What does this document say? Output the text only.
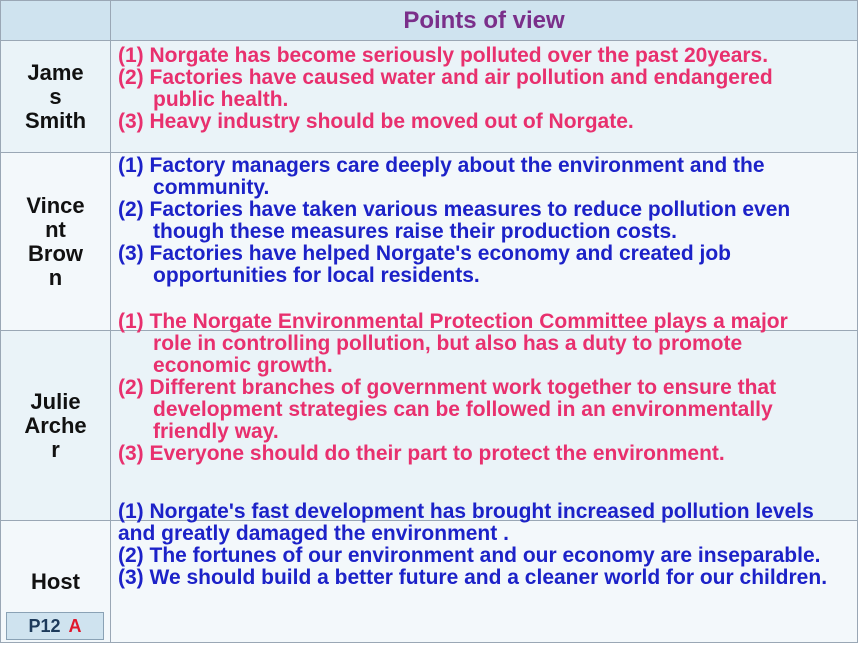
Points of view
Jame
s
Smith
(1) Norgate has become seriously polluted over the past 20years.
(2) Factories have caused water and air pollution and endangered
public health.
(3) Heavy industry should be moved out of Norgate.
Vince
nt
Brow
n
(1) Factory managers care deeply about the environment and the
community.
(2) Factories have taken various measures to reduce pollution even
though these measures raise their production costs.
(3) Factories have helped Norgate's economy and created job
opportunities for local residents.
Julie
Arche
r
(1) The Norgate Environmental Protection Committee plays a major
role in controlling pollution, but also has a duty to promote
economic growth.
(2) Different branches of government work together to ensure that
development strategies can be followed in an environmentally
friendly way.
(3) Everyone should do their part to protect the environment.
Host
(1) Norgate's fast development has brought increased pollution levels and greatly damaged the environment .
(2) The fortunes of our environment and our economy are inseparable.
(3) We should build a better future and a cleaner world for our children.
P12 A
